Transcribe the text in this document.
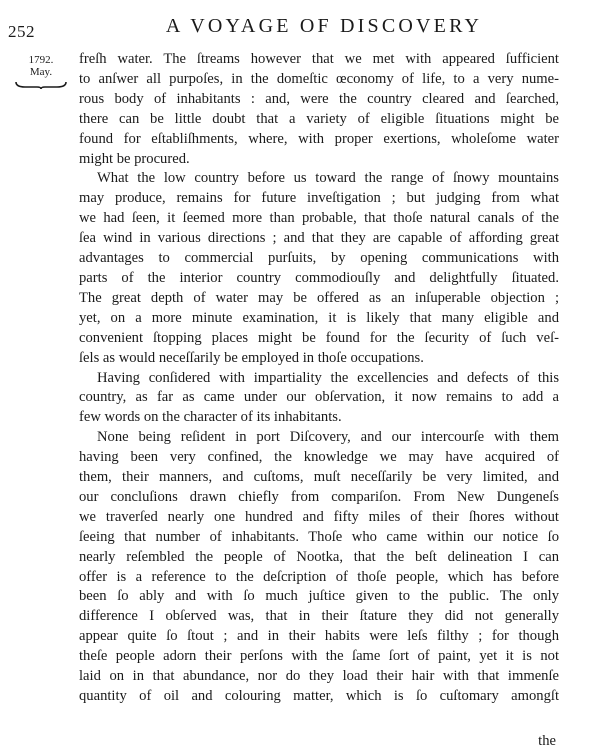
252	A VOYAGE OF DISCOVERY
1792.
May.

freſh water. The ſtreams however that we met with appeared ſufficient
to anſwer all purpoſes, in the domeſtic œconomy of life, to a very nume-
rous body of inhabitants : and, were the country cleared and ſearched,
there can be little doubt that a variety of eligible ſituations might be
found for eſtabliſhments, where, with proper exertions, wholeſome water
might be procured.
What the low country before us toward the range of ſnowy mountains
may produce, remains for future inveſtigation ; but judging from what
we had ſeen, it ſeemed more than probable, that thoſe natural canals of the
ſea wind in various directions ; and that they are capable of affording great
advantages to commercial purſuits, by opening communications with
parts of the interior country commodiouſly and delightfully ſituated.
The great depth of water may be offered as an inſuperable objection ;
yet, on a more minute examination, it is likely that many eligible and
convenient ſtopping places might be found for the ſecurity of ſuch veſ-
ſels as would neceſſarily be employed in thoſe occupations.
Having conſidered with impartiality the excellencies and defects of this
country, as far as came under our obſervation, it now remains to add a
few words on the character of its inhabitants.
None being reſident in port Diſcovery, and our intercourſe with them
having been very confined, the knowledge we may have acquired of
them, their manners, and cuſtoms, muſt neceſſarily be very limited, and
our concluſions drawn chiefly from compariſon. From New Dungeneſs
we traverſed nearly one hundred and fifty miles of their ſhores without
ſeeing that number of inhabitants. Thoſe who came within our notice ſo
nearly reſembled the people of Nootka, that the beſt delineation I can
offer is a reference to the deſcription of thoſe people, which has before
been ſo ably and with ſo much juſtice given to the public. The only
difference I obſerved was, that in their ſtature they did not generally
appear quite ſo ſtout ; and in their habits were leſs filthy ; for though
theſe people adorn their perſons with the ſame ſort of paint, yet it is not
laid on in that abundance, nor do they load their hair with that immenſe
quantity of oil and colouring matter, which is ſo cuſtomary amongſt

the
